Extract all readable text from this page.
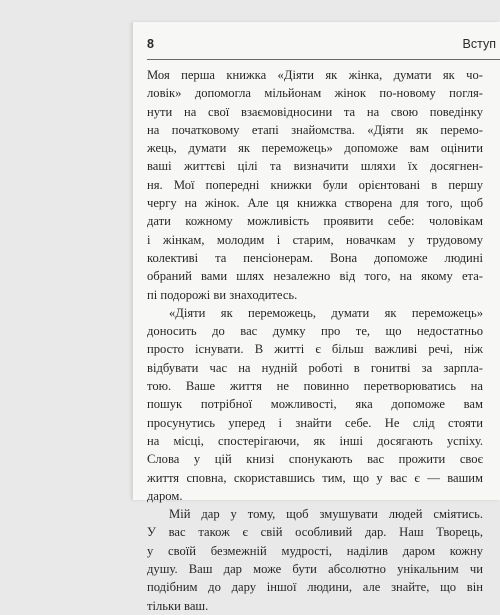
8	Вступ

Моя перша книжка «Діяти як жінка, думати як чо-
ловік» допомогла мільйонам жінок по-новому погля-
нути на свої взаємовідносини та на свою поведінку
на початковому етапі знайомства. «Діяти як перемо-
жець, думати як переможець» допоможе вам оцінити
ваші життєві цілі та визначити шляхи їх досягнен-
ня. Мої попередні книжки були орієнтовані в першу
чергу на жінок. Але ця книжка створена для того, щоб
дати кожному можливість проявити себе: чоловікам
і жінкам, молодим і старим, новачкам у трудовому
колективі та пенсіонерам. Вона допоможе людині
обраний вами шлях незалежно від того, на якому ета-
пі подорожі ви знаходитесь.

«Діяти як переможець, думати як переможець»
доносить до вас думку про те, що недостатньо
просто існувати. В житті є більш важливі речі, ніж
відбувати час на нудній роботі в гонитві за зарпла-
тою. Ваше життя не повинно перетворюватись на
пошук потрібної можливості, яка допоможе вам
просунутись уперед і знайти себе. Не слід стояти
на місці, спостерігаючи, як інші досягають успіху.
Слова у цій книзі спонукають вас прожити своє
життя сповна, скориставшись тим, що у вас є — вашим
даром.

Мій дар у тому, щоб змушувати людей сміятись.
У вас також є свій особливий дар. Наш Творець,
у своїй безмежній мудрості, наділив даром кожну
душу. Ваш дар може бути абсолютно унікальним чи
подібним до дару іншої людини, але знайте, що він
тільки ваш.
